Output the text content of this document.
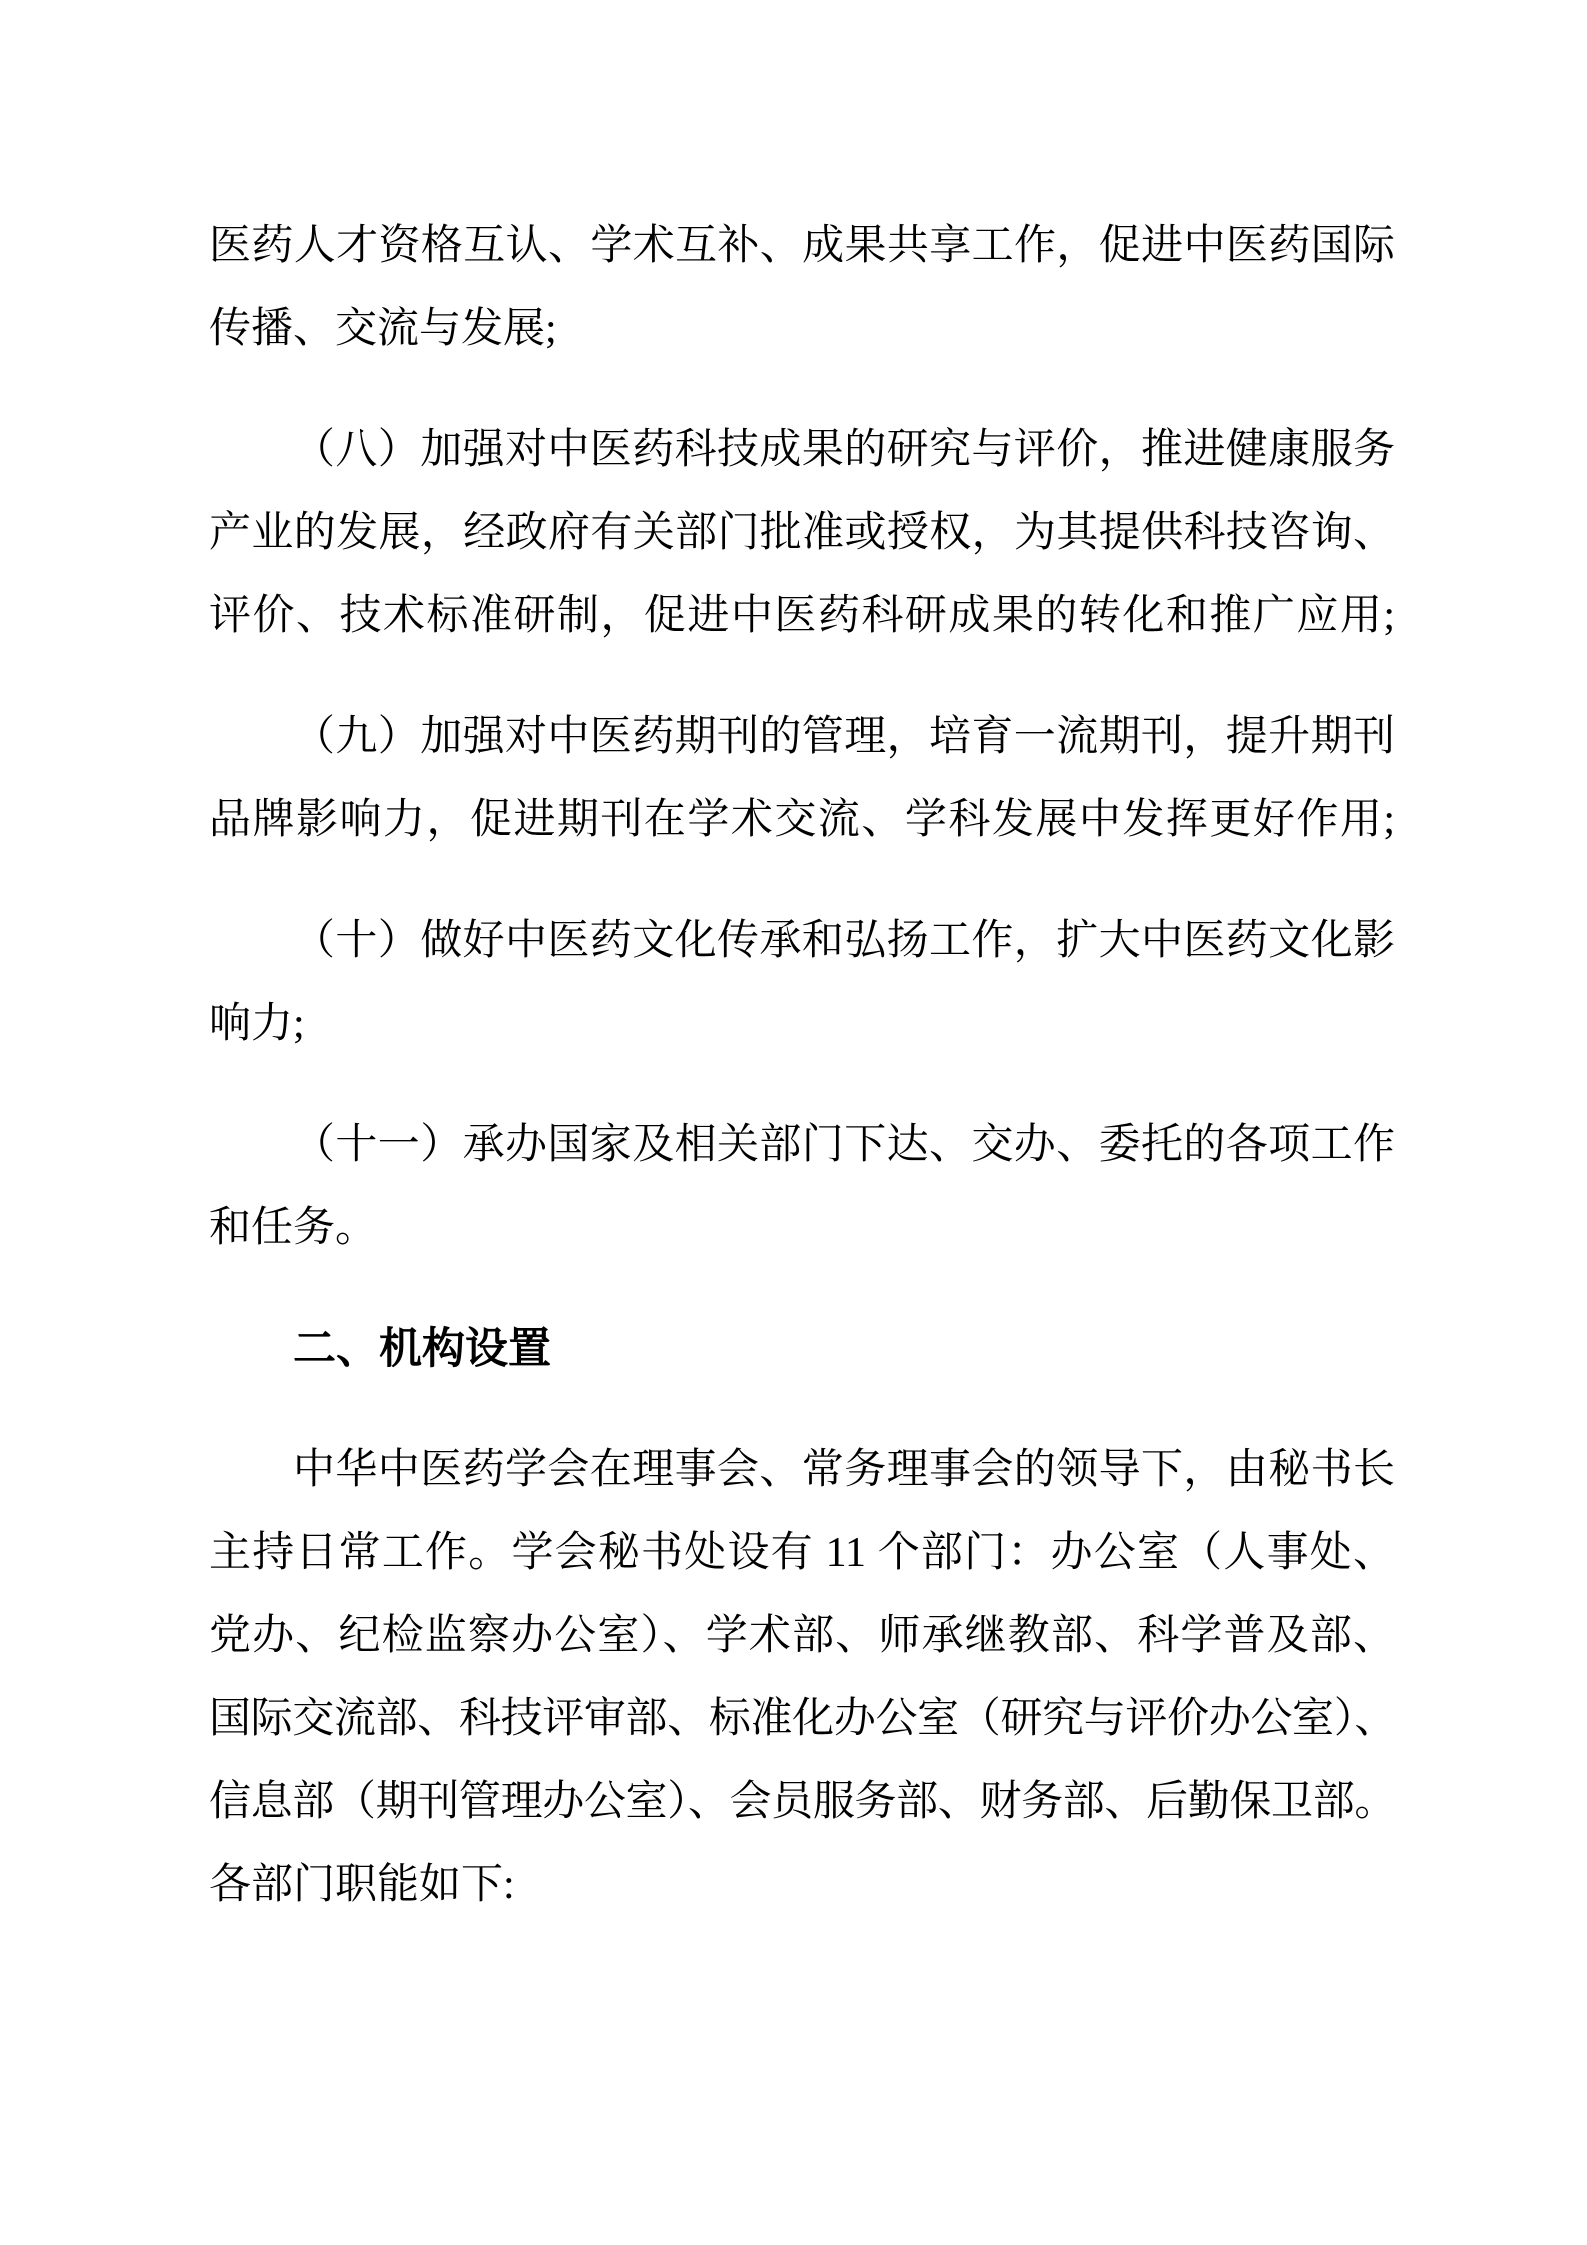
医药人才资格互认、学术互补、成果共享工作，促进中医药国际
传播、交流与发展;
（八）加强对中医药科技成果的研究与评价，推进健康服务
产业的发展，经政府有关部门批准或授权，为其提供科技咨询、
评价、技术标准研制，促进中医药科研成果的转化和推广应用;
（九）加强对中医药期刊的管理，培育一流期刊，提升期刊
品牌影响力，促进期刊在学术交流、学科发展中发挥更好作用;
（十）做好中医药文化传承和弘扬工作，扩大中医药文化影
响力;
（十一）承办国家及相关部门下达、交办、委托的各项工作
和任务。
二、机构设置
中华中医药学会在理事会、常务理事会的领导下，由秘书长
主持日常工作。学会秘书处设有 11 个部门：办公室（人事处、
党办、纪检监察办公室）、学术部、师承继教部、科学普及部、
国际交流部、科技评审部、标准化办公室（研究与评价办公室）、
信息部（期刊管理办公室）、会员服务部、财务部、后勤保卫部。
各部门职能如下:
